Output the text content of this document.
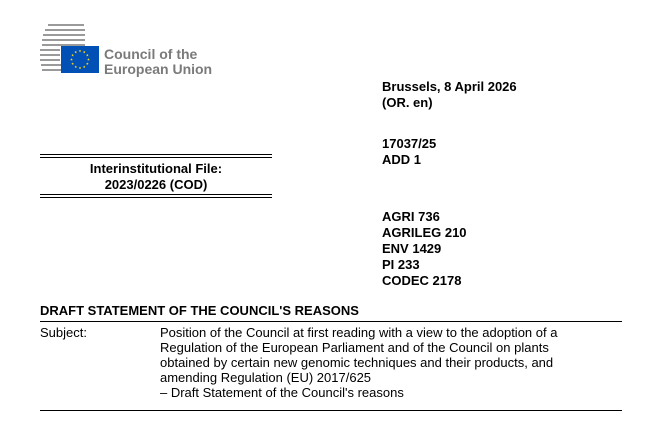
Council of the
European Union
Brussels, 8 April 2026
(OR. en)
17037/25
ADD 1
Interinstitutional File:
2023/0226 (COD)
AGRI 736
AGRILEG 210
ENV 1429
PI 233
CODEC 2178
DRAFT STATEMENT OF THE COUNCIL'S REASONS
Subject:	Position of the Council at first reading with a view to the adoption of a
Regulation of the European Parliament and of the Council on plants
obtained by certain new genomic techniques and their products, and
amending Regulation (EU) 2017/625
– Draft Statement of the Council's reasons
